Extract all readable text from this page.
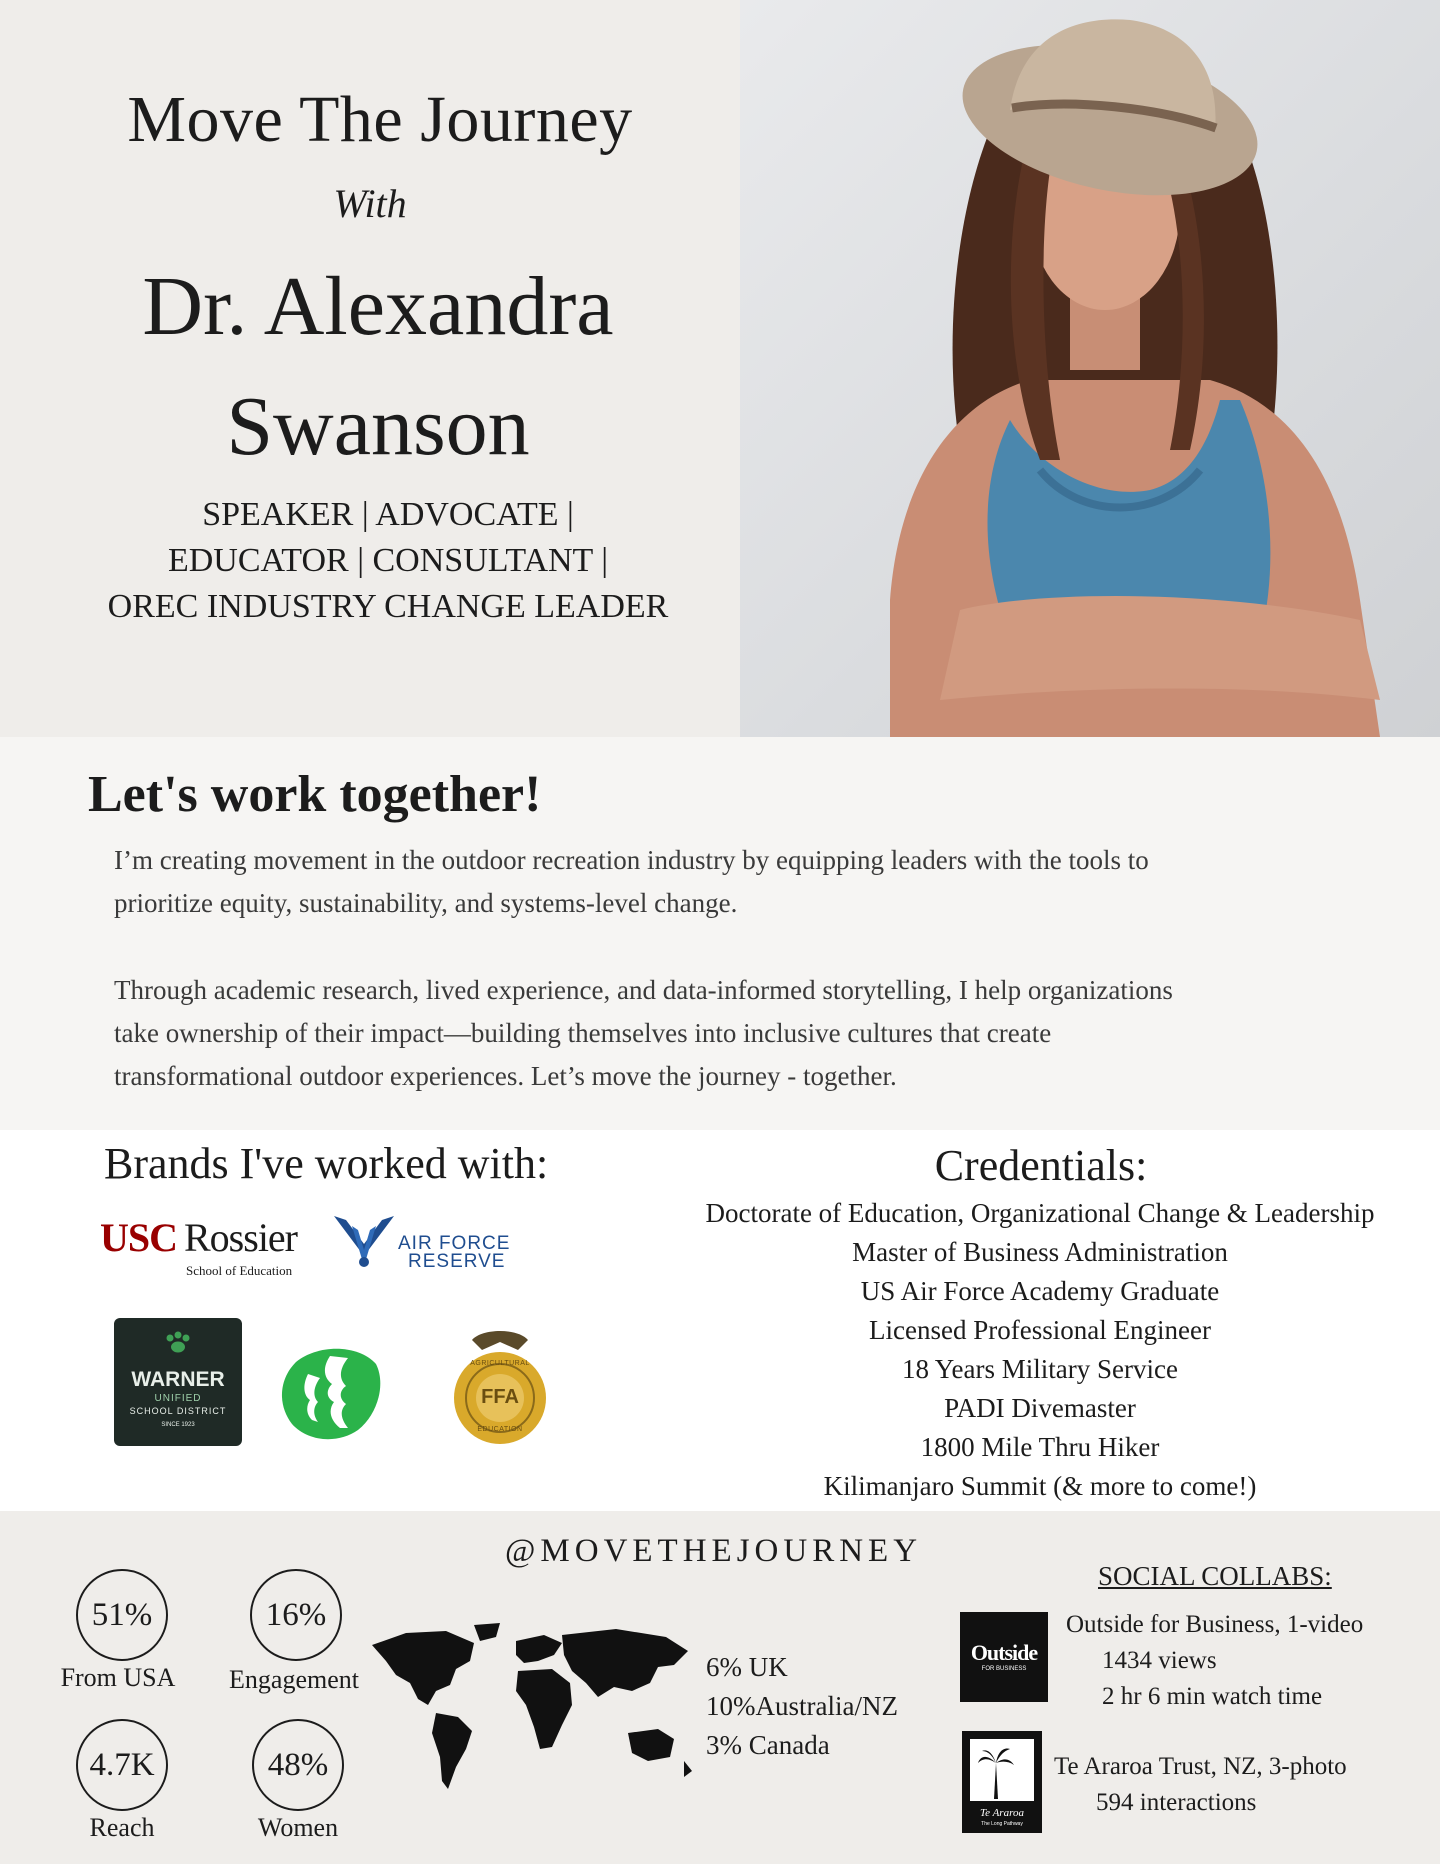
Move The Journey
With
Dr. Alexandra
Swanson
SPEAKER | ADVOCATE |
EDUCATOR | CONSULTANT |
OREC INDUSTRY CHANGE LEADER
Let's work together!
I’m creating movement in the outdoor recreation industry by equipping leaders with the tools to
prioritize equity, sustainability, and systems-level change.
Through academic research, lived experience, and data-informed storytelling, I help organizations
take ownership of their impact—building themselves into inclusive cultures that create
transformational outdoor experiences. Let’s move the journey - together.
Brands I've worked with:
USC Rossier
School of Education
AIR FORCE
RESERVE
WARNER
UNIFIED
SCHOOL DISTRICT
SINCE 1923
FFA
AGRICULTURAL
EDUCATION
Credentials:
Doctorate of Education, Organizational Change & Leadership
Master of Business Administration
US Air Force Academy Graduate
Licensed Professional Engineer
18 Years Military Service
PADI Divemaster
1800 Mile Thru Hiker
Kilimanjaro Summit (& more to come!)
@MOVETHEJOURNEY
51%
From USA
16%
Engagement
4.7K
Reach
48%
Women
6% UK
10%Australia/NZ
3% Canada
SOCIAL COLLABS:
Outside
FOR BUSINESS
Outside for Business, 1-video
1434 views
2 hr 6 min watch time
Te Araroa
The Long Pathway
Te Araroa Trust, NZ, 3-photo
594 interactions
